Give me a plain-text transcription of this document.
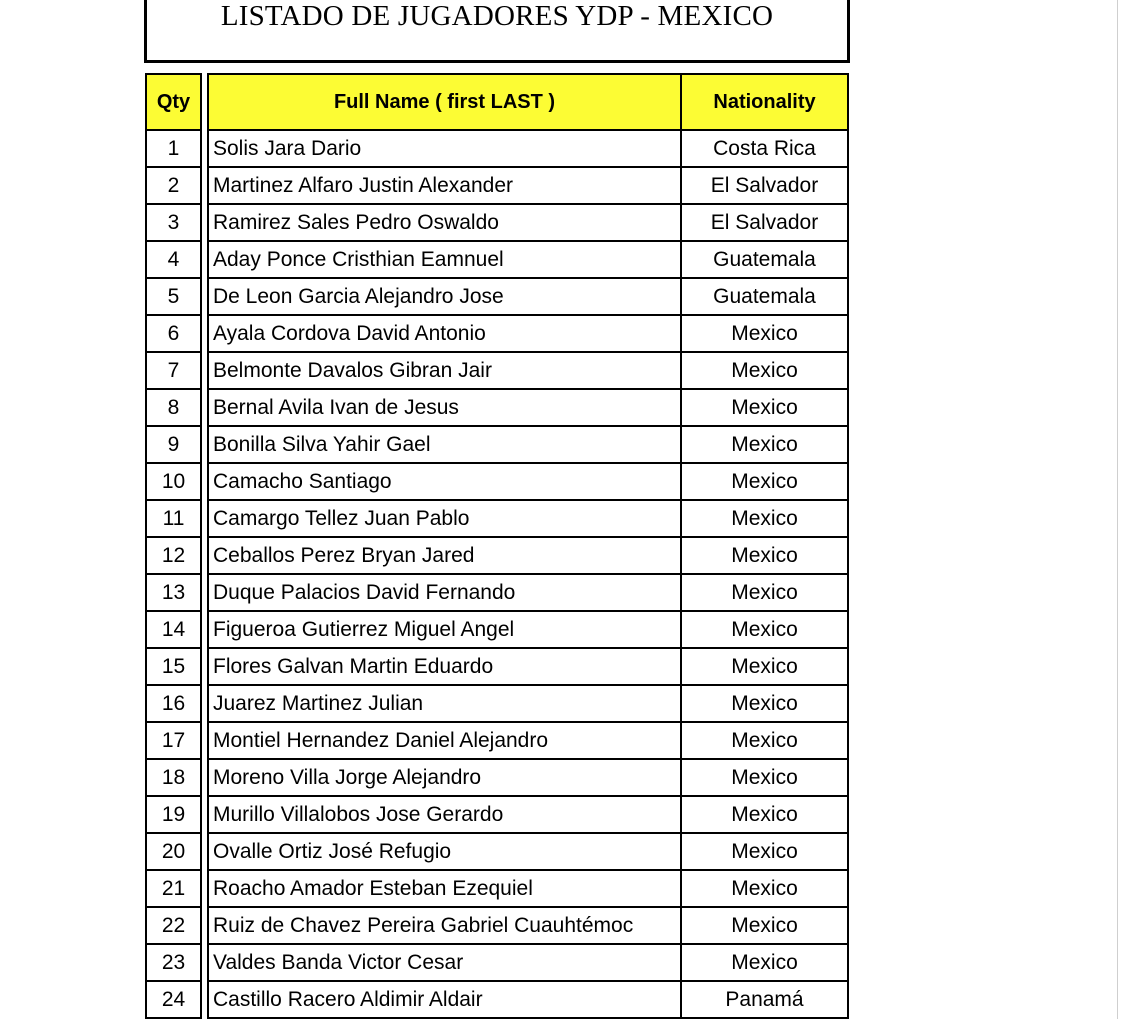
LISTADO DE JUGADORES YDP - MEXICO
Qty	Full Name ( first LAST )	Nationality
1	Solis Jara Dario	Costa Rica
2	Martinez Alfaro Justin Alexander	El Salvador
3	Ramirez Sales Pedro Oswaldo	El Salvador
4	Aday Ponce Cristhian Eamnuel	Guatemala
5	De Leon Garcia Alejandro Jose	Guatemala
6	Ayala Cordova David Antonio	Mexico
7	Belmonte Davalos Gibran Jair	Mexico
8	Bernal Avila Ivan de Jesus	Mexico
9	Bonilla Silva Yahir Gael	Mexico
10	Camacho Santiago	Mexico
11	Camargo Tellez Juan Pablo	Mexico
12	Ceballos Perez Bryan Jared	Mexico
13	Duque Palacios David Fernando	Mexico
14	Figueroa Gutierrez Miguel Angel	Mexico
15	Flores Galvan Martin Eduardo	Mexico
16	Juarez Martinez Julian	Mexico
17	Montiel Hernandez Daniel Alejandro	Mexico
18	Moreno Villa Jorge Alejandro	Mexico
19	Murillo Villalobos Jose Gerardo	Mexico
20	Ovalle Ortiz José Refugio	Mexico
21	Roacho Amador Esteban Ezequiel	Mexico
22	Ruiz de Chavez Pereira Gabriel Cuauhtémoc	Mexico
23	Valdes Banda Victor Cesar	Mexico
24	Castillo Racero Aldimir Aldair	Panamá
